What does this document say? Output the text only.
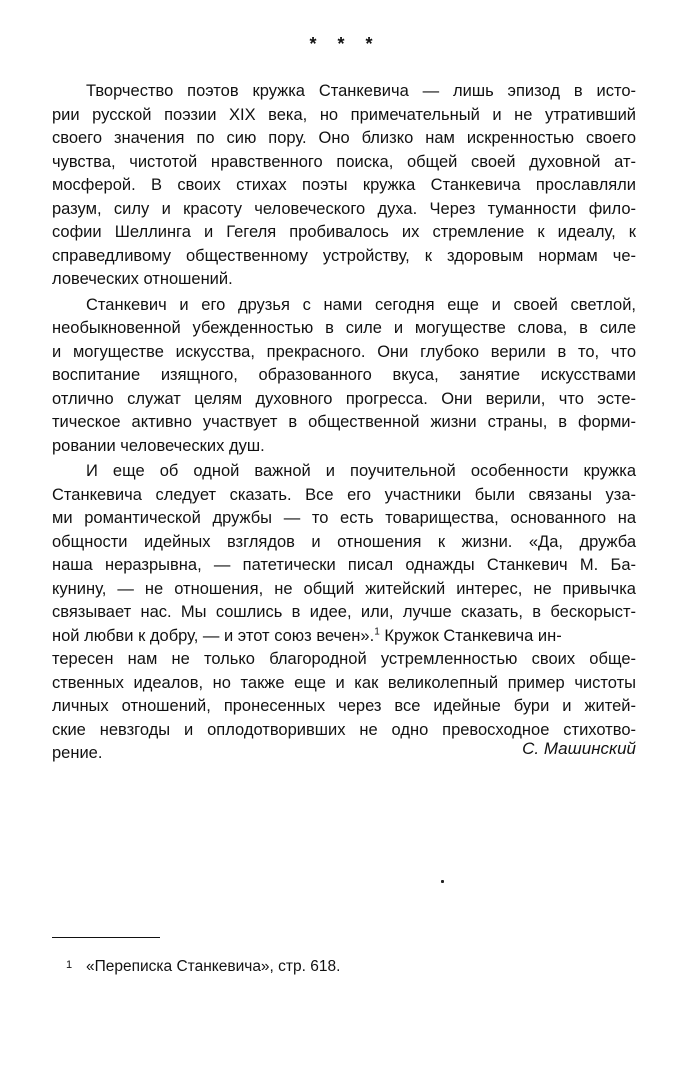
* * *
Творчество поэтов кружка Станкевича — лишь эпизод в исто-
рии русской поэзии XIX века, но примечательный и не утративший
своего значения по сию пору. Оно близко нам искренностью своего
чувства, чистотой нравственного поиска, общей своей духовной ат-
мосферой. В своих стихах поэты кружка Станкевича прославляли
разум, силу и красоту человеческого духа. Через туманности фило-
софии Шеллинга и Гегеля пробивалось их стремление к идеалу, к
справедливому общественному устройству, к здоровым нормам че-
ловеческих отношений.
Станкевич и его друзья с нами сегодня еще и своей светлой,
необыкновенной убежденностью в силе и могуществе слова, в силе
и могуществе искусства, прекрасного. Они глубоко верили в то, что
воспитание изящного, образованного вкуса, занятие искусствами
отлично служат целям духовного прогресса. Они верили, что эсте-
тическое активно участвует в общественной жизни страны, в форми-
ровании человеческих душ.
И еще об одной важной и поучительной особенности кружка
Станкевича следует сказать. Все его участники были связаны уза-
ми романтической дружбы — то есть товарищества, основанного на
общности идейных взглядов и отношения к жизни. «Да, дружба
наша неразрывна, — патетически писал однажды Станкевич М. Ба-
кунину, — не отношения, не общий житейский интерес, не привычка
связывает нас. Мы сошлись в идее, или, лучше сказать, в бескорыст-
ной любви к добру, — и этот союз вечен».$^1$ Кружок Станкевича ин-
тересен нам не только благородной устремленностью своих обще-
ственных идеалов, но также еще и как великолепный пример чистоты
личных отношений, пронесенных через все идейные бури и житей-
ские невзгоды и оплодотворивших не одно превосходное стихотво-
рение.	С. Машинский
1 «Переписка Станкевича», стр. 618.
